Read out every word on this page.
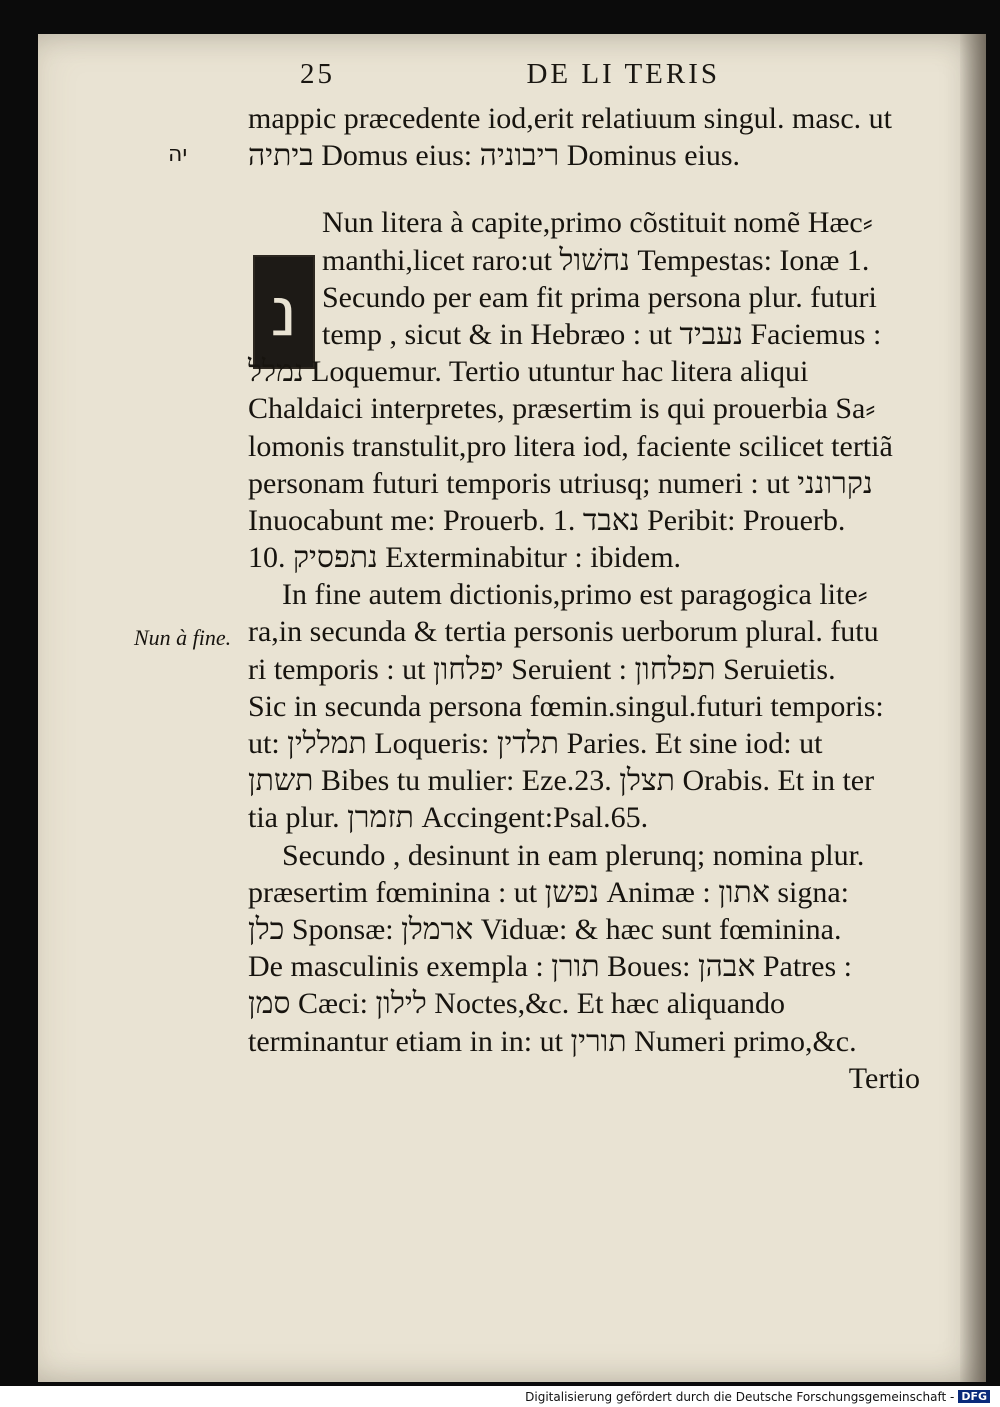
25	DE LI TERIS
יה
Nun à fine.
נ
mappic præcedente iod,erit relatiuum singul. masc. ut
ביתיה Domus eius: ריבוניה Dominus eius.
Nun litera à capite,primo cõstituit nomẽ Hæc⸗
manthi,licet raro:ut נחשׁול Tempestas: Ionæ 1.
Secundo per eam fit prima persona plur. futuri
temp , sicut & in Hebræo : ut נעביד Faciemus :
נמלל Loquemur. Tertio utuntur hac litera aliqui
Chaldaici interpretes, præsertim is qui prouerbia Sa⸗
lomonis transtulit,pro litera iod, faciente scilicet tertiã
personam futuri temporis utriusq; numeri : ut נקרונני
Inuocabunt me: Prouerb. 1. נאבד Peribit: Prouerb.
10. נתפסיק Exterminabitur : ibidem.
In fine autem dictionis,primo est paragogica lite⸗
ra,in secunda & tertia personis uerborum plural. futu
ri temporis : ut יפלחון Seruient : תפלחון Seruietis.
Sic in secunda persona fœmin.singul.futuri temporis:
ut: תמללין Loqueris: תלדין Paries. Et sine iod: ut
תשתן Bibes tu mulier: Eze.23. תצלן Orabis. Et in ter
tia plur. תזמרן Accingent:Psal.65.
Secundo , desinunt in eam plerunq; nomina plur.
præsertim fœminina : ut נפשן Animæ : אתון signa:
כלן Sponsæ: ארמלן Viduæ: & hæc sunt fœminina.
De masculinis exempla : תורן Boues: אבהן Patres :
סמן Cæci: לילון Noctes,&c. Et hæc aliquando
terminantur etiam in in: ut תורין Numeri primo,&c.
Tertio
Digitalisierung gefördert durch die Deutsche Forschungsgemeinschaft - DFG
